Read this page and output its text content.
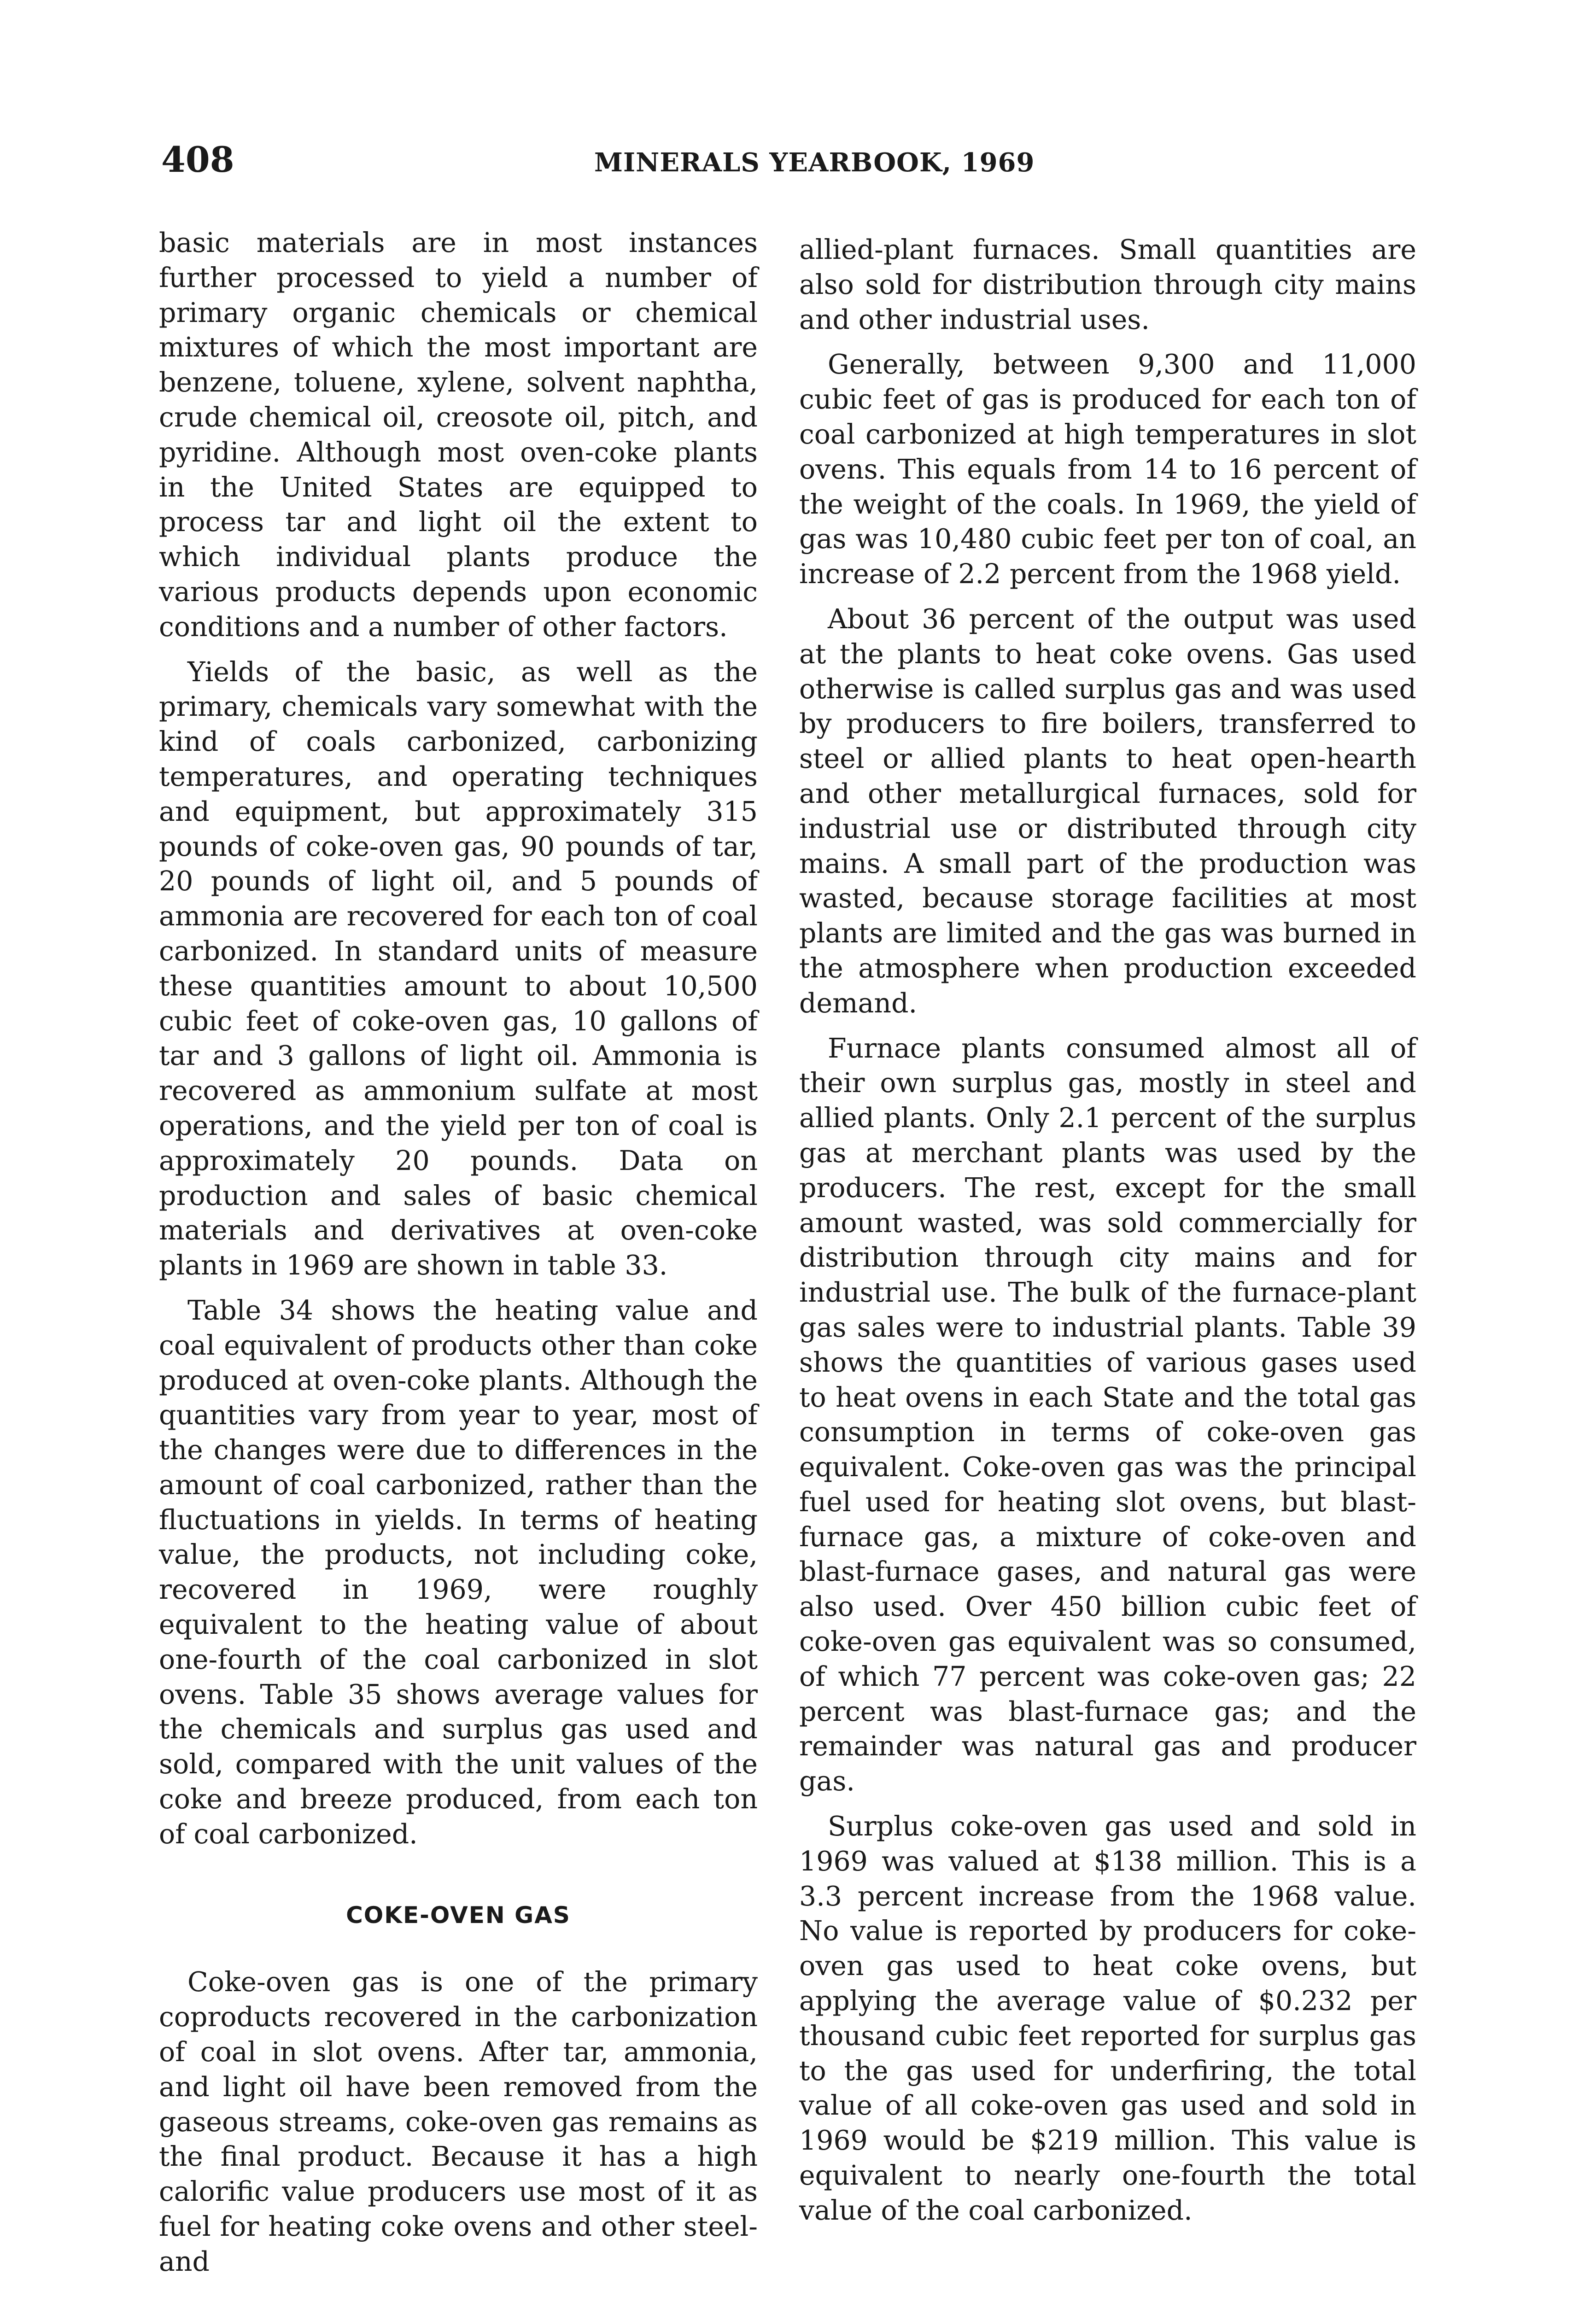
408	MINERALS YEARBOOK, 1969

basic materials are in most instances further processed to yield a number of primary organic chemicals or chemical mixtures of which the most important are benzene, toluene, xylene, solvent naphtha, crude chemical oil, creosote oil, pitch, and pyridine. Although most oven-coke plants in the United States are equipped to process tar and light oil the extent to which individual plants produce the various products depends upon economic conditions and a number of other factors.

Yields of the basic, as well as the primary, chemicals vary somewhat with the kind of coals carbonized, carbonizing temperatures, and operating techniques and equipment, but approximately 315 pounds of coke-oven gas, 90 pounds of tar, 20 pounds of light oil, and 5 pounds of ammonia are recovered for each ton of coal carbonized. In standard units of measure these quantities amount to about 10,500 cubic feet of coke-oven gas, 10 gallons of tar and 3 gallons of light oil. Ammonia is recovered as ammonium sulfate at most operations, and the yield per ton of coal is approximately 20 pounds. Data on production and sales of basic chemical materials and derivatives at oven-coke plants in 1969 are shown in table 33.

Table 34 shows the heating value and coal equivalent of products other than coke produced at oven-coke plants. Although the quantities vary from year to year, most of the changes were due to differences in the amount of coal carbonized, rather than the fluctuations in yields. In terms of heating value, the products, not including coke, recovered in 1969, were roughly equivalent to the heating value of about one-fourth of the coal carbonized in slot ovens. Table 35 shows average values for the chemicals and surplus gas used and sold, compared with the unit values of the coke and breeze produced, from each ton of coal carbonized.

COKE-OVEN GAS

Coke-oven gas is one of the primary coproducts recovered in the carbonization of coal in slot ovens. After tar, ammonia, and light oil have been removed from the gaseous streams, coke-oven gas remains as the final product. Because it has a high calorific value producers use most of it as fuel for heating coke ovens and other steel-and

allied-plant furnaces. Small quantities are also sold for distribution through city mains and other industrial uses.

Generally, between 9,300 and 11,000 cubic feet of gas is produced for each ton of coal carbonized at high temperatures in slot ovens. This equals from 14 to 16 percent of the weight of the coals. In 1969, the yield of gas was 10,480 cubic feet per ton of coal, an increase of 2.2 percent from the 1968 yield.

About 36 percent of the output was used at the plants to heat coke ovens. Gas used otherwise is called surplus gas and was used by producers to fire boilers, transferred to steel or allied plants to heat open-hearth and other metallurgical furnaces, sold for industrial use or distributed through city mains. A small part of the production was wasted, because storage facilities at most plants are limited and the gas was burned in the atmosphere when production exceeded demand.

Furnace plants consumed almost all of their own surplus gas, mostly in steel and allied plants. Only 2.1 percent of the surplus gas at merchant plants was used by the producers. The rest, except for the small amount wasted, was sold commercially for distribution through city mains and for industrial use. The bulk of the furnace-plant gas sales were to industrial plants. Table 39 shows the quantities of various gases used to heat ovens in each State and the total gas consumption in terms of coke-oven gas equivalent. Coke-oven gas was the principal fuel used for heating slot ovens, but blast-furnace gas, a mixture of coke-oven and blast-furnace gases, and natural gas were also used. Over 450 billion cubic feet of coke-oven gas equivalent was so consumed, of which 77 percent was coke-oven gas; 22 percent was blast-furnace gas; and the remainder was natural gas and producer gas.

Surplus coke-oven gas used and sold in 1969 was valued at $138 million. This is a 3.3 percent increase from the 1968 value. No value is reported by producers for coke-oven gas used to heat coke ovens, but applying the average value of $0.232 per thousand cubic feet reported for surplus gas to the gas used for underfiring, the total value of all coke-oven gas used and sold in 1969 would be $219 million. This value is equivalent to nearly one-fourth the total value of the coal carbonized.
